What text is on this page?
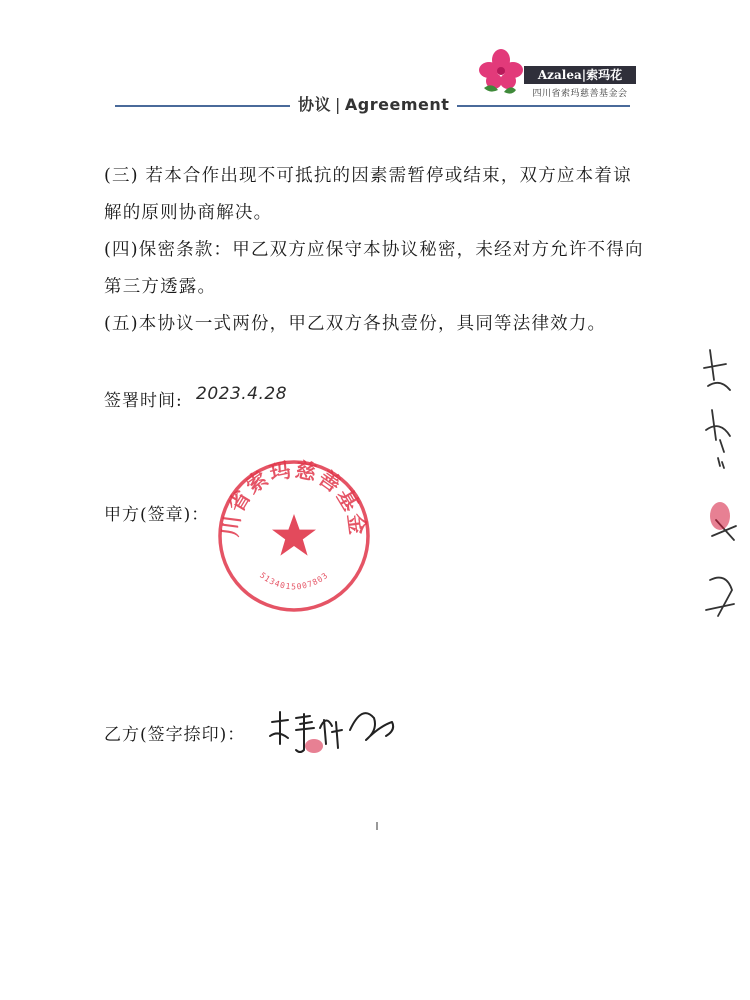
协议 | Agreement
Azalea|索玛花
四川省索玛慈善基金会
(三) 若本合作出现不可抵抗的因素需暂停或结束，双方应本着谅解的原则协商解决。
(四)保密条款：甲乙双方应保守本协议秘密，未经对方允许不得向第三方透露。
(五)本协议一式两份，甲乙双方各执壹份，具同等法律效力。
签署时间: 2023.4.28
甲方(签章)：
四川省索玛慈善基金会
5134015007803
乙方(签字捺印)：
